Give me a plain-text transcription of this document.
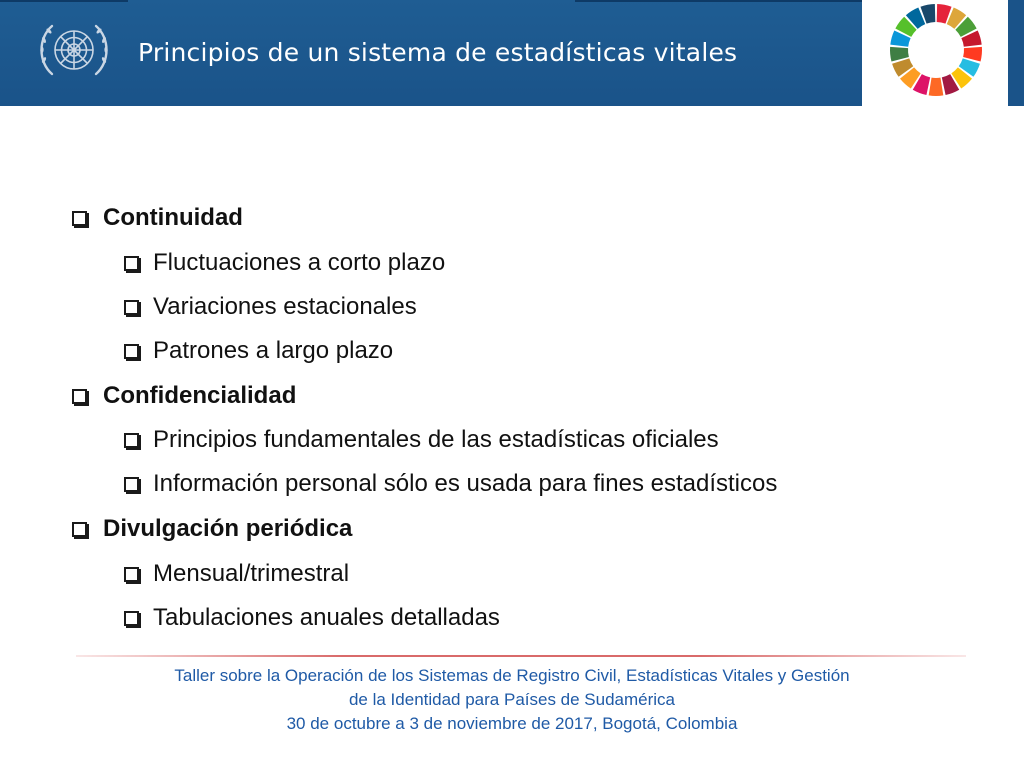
Principios de un sistema de estadísticas vitales
Continuidad
Fluctuaciones a corto plazo
Variaciones estacionales
Patrones a largo plazo
Confidencialidad
Principios fundamentales de las estadísticas oficiales
Información personal sólo es usada para fines estadísticos
Divulgación periódica
Mensual/trimestral
Tabulaciones anuales detalladas
Taller sobre la Operación de los Sistemas de Registro Civil, Estadísticas Vitales y Gestión
de la Identidad para Países de Sudamérica
30 de octubre a 3 de noviembre de 2017, Bogotá, Colombia
